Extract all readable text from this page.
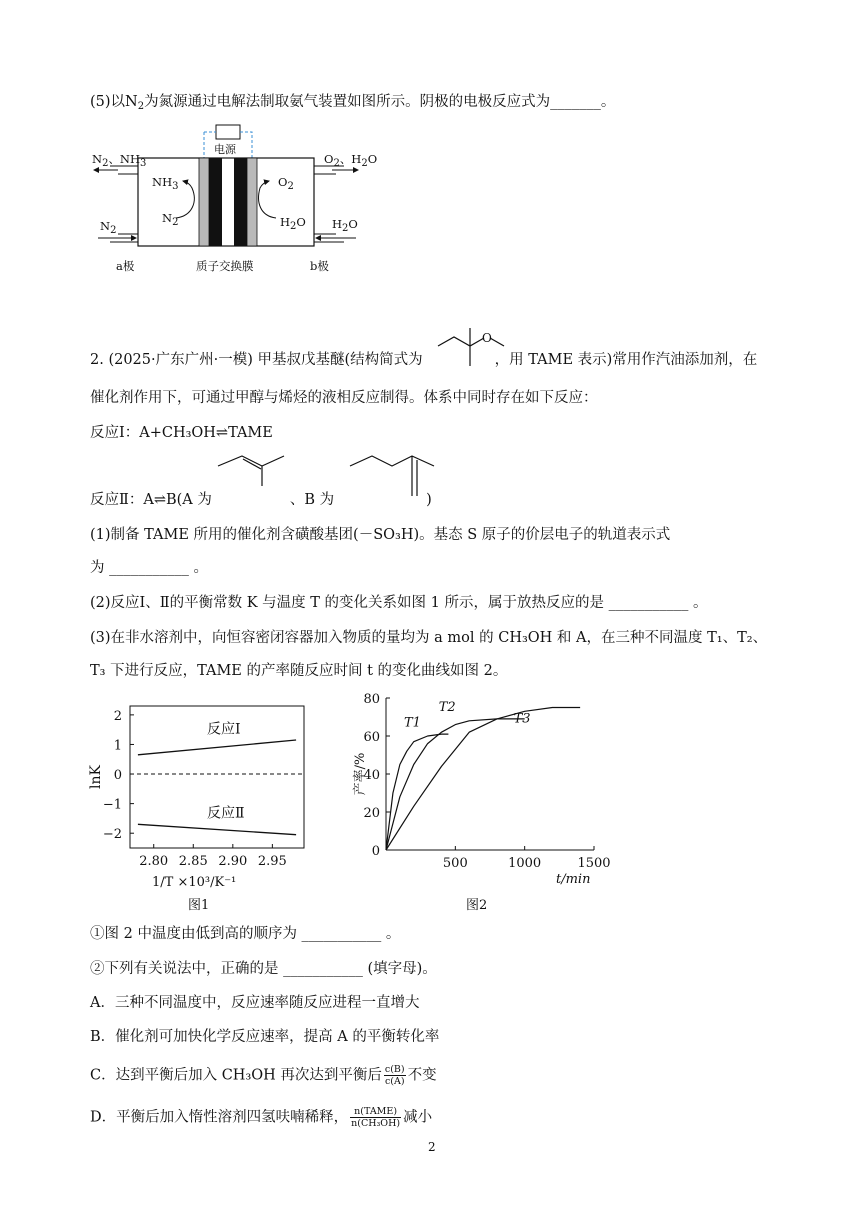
(5)以$N_2$为氮源通过电解法制取氨气装置如图所示。阴极的电极反应式为_______。
电源
$N_2$、$NH_3$
$N_2$
$NH_3$
$N_2$
$O_2$
$H_2O$
$O_2$、$H_2O$
$H_2O$
a极	质子交换膜	b极
2. (2025·广东广州·一模) 甲基叔戊基醚(结构简式为	，用 TAME 表示)常用作汽油添加剂，在
O
催化剂作用下，可通过甲醇与烯烃的液相反应制得。体系中同时存在如下反应：
反应Ⅰ：A+CH₃OH⇌TAME
反应Ⅱ：A⇌B(A 为	、B 为	)
(1)制备 TAME 所用的催化剂含磺酸基团(－SO₃H)。基态 S 原子的价层电子的轨道表示式
为 ___________ 。
(2)反应Ⅰ、Ⅱ的平衡常数 K 与温度 T 的变化关系如图 1 所示，属于放热反应的是 ___________ 。
(3)在非水溶剂中，向恒容密闭容器加入物质的量均为 a mol 的 CH₃OH 和 A，在三种不同温度 T₁、T₂、
T₃ 下进行反应，TAME 的产率随反应时间 t 的变化曲线如图 2。
−2
−1
0
1
2
2.80 2.85 2.90 2.95
反应Ⅰ
反应Ⅱ
lnK
1/T ×10³/K⁻¹
图1
0
20
40
60
80
500	1000	1500
T1
T2
T3
产率/%
t/min
图2
①图 2 中温度由低到高的顺序为 ___________ 。
②下列有关说法中，正确的是 ___________ (填字母)。
A．三种不同温度中，反应速率随反应进程一直增大
B．催化剂可加快化学反应速率，提高 A 的平衡转化率
C．达到平衡后加入 CH₃OH 再次达到平衡后 $\frac{c(B)}{c(A)}$ 不变
D．平衡后加入惰性溶剂四氢呋喃稀释， $\frac{\text{n(TAME)}}{\text{n(CH₃OH)}}$ 减小
2
